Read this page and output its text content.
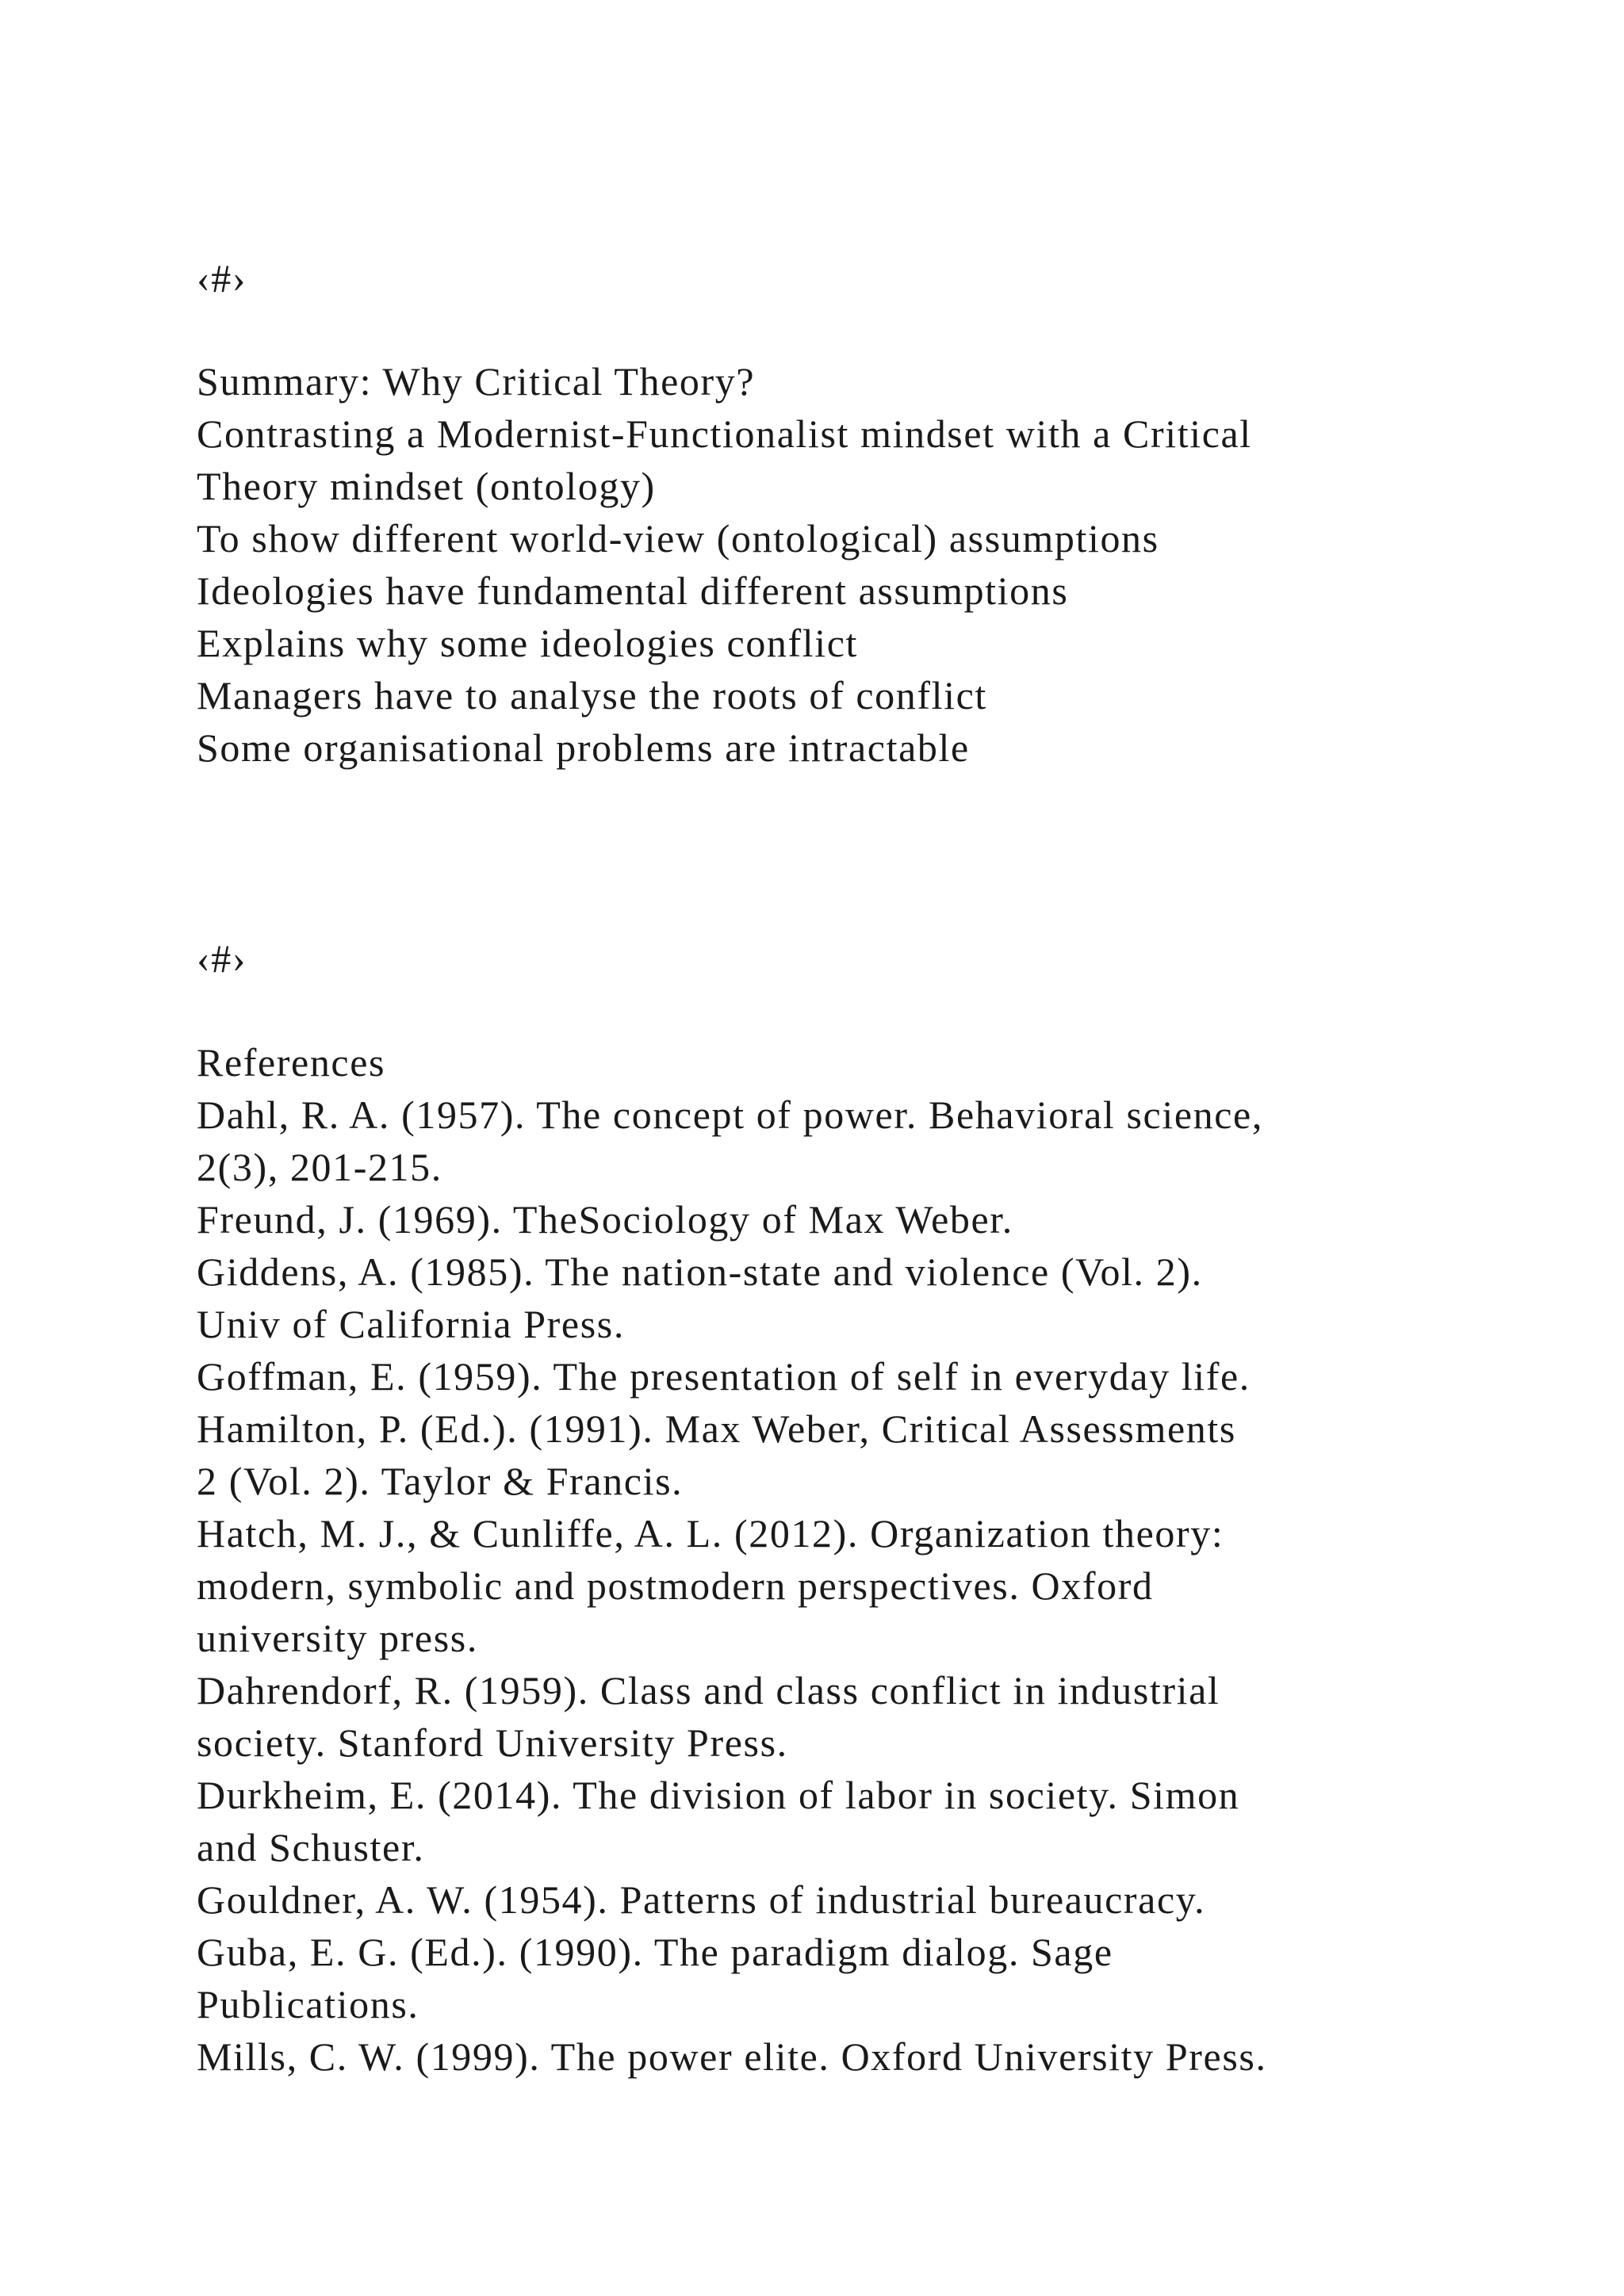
‹#›

Summary: Why Critical Theory?

Contrasting a Modernist-Functionalist mindset with a Critical

Theory mindset (ontology)

To show different world-view (ontological) assumptions

Ideologies have fundamental different assumptions

Explains why some ideologies conflict

Managers have to analyse the roots of conflict

Some organisational problems are intractable

‹#›

References

Dahl, R. A. (1957). The concept of power. Behavioral science,

2(3), 201-215.

Freund, J. (1969). TheSociology of Max Weber.

Giddens, A. (1985). The nation-state and violence (Vol. 2).

Univ of California Press.

Goffman, E. (1959). The presentation of self in everyday life.

Hamilton, P. (Ed.). (1991). Max Weber, Critical Assessments

2 (Vol. 2). Taylor & Francis.

Hatch, M. J., & Cunliffe, A. L. (2012). Organization theory:

modern, symbolic and postmodern perspectives. Oxford

university press.

Dahrendorf, R. (1959). Class and class conflict in industrial

society. Stanford University Press.

Durkheim, E. (2014). The division of labor in society. Simon

and Schuster.

Gouldner, A. W. (1954). Patterns of industrial bureaucracy.

Guba, E. G. (Ed.). (1990). The paradigm dialog. Sage

Publications.

Mills, C. W. (1999). The power elite. Oxford University Press.
